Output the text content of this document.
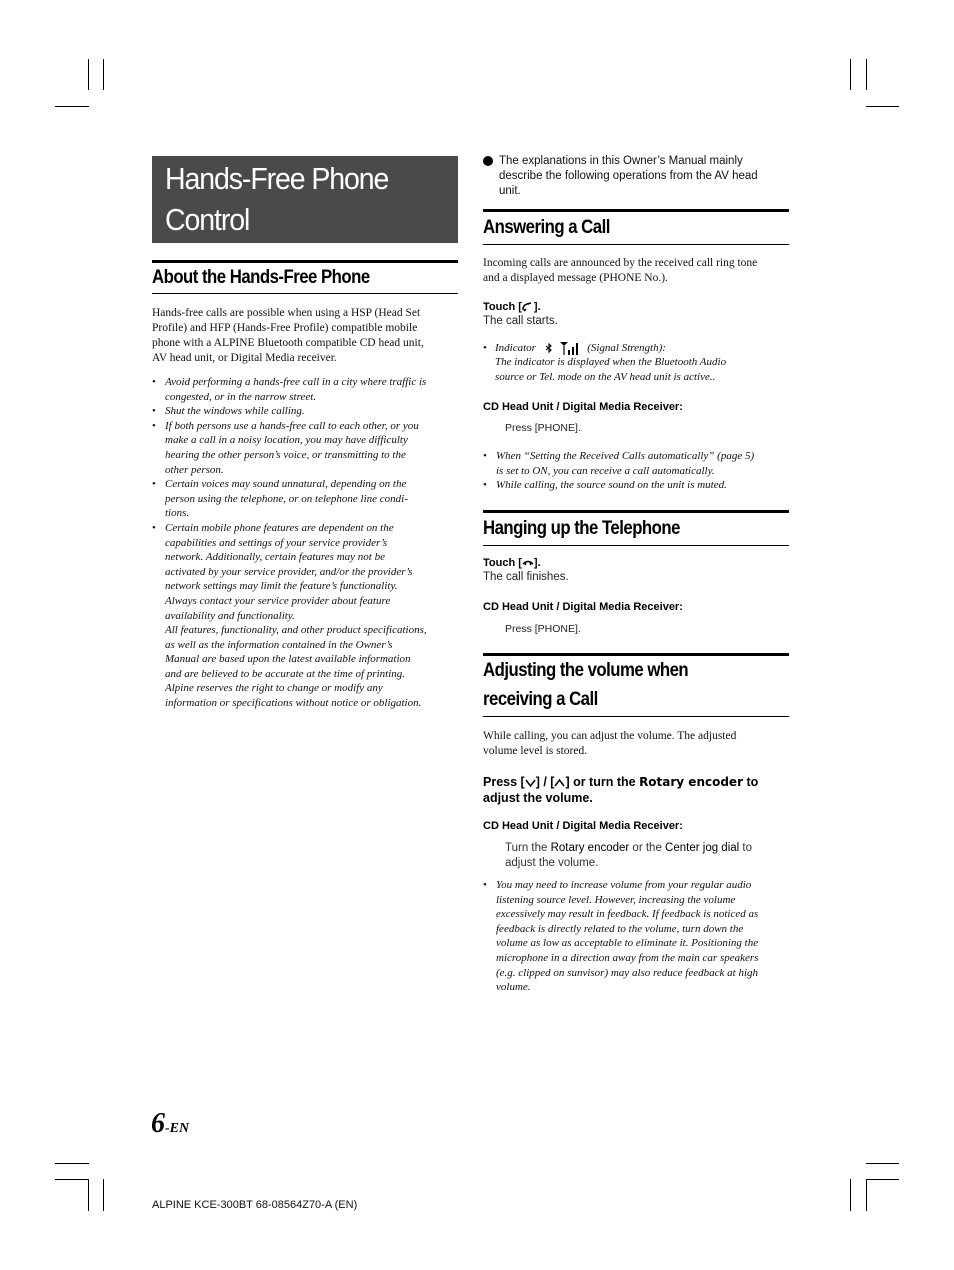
Hands-Free Phone
Control
About the Hands-Free Phone
Hands-free calls are possible when using a HSP (Head Set
Profile) and HFP (Hands-Free Profile) compatible mobile
phone with a ALPINE Bluetooth compatible CD head unit,
AV head unit, or Digital Media receiver.
• Avoid performing a hands-free call in a city where traffic is
congested, or in the narrow street.
• Shut the windows while calling.
• If both persons use a hands-free call to each other, or you
make a call in a noisy location, you may have difficulty
hearing the other person’s voice, or transmitting to the
other person.
• Certain voices may sound unnatural, depending on the
person using the telephone, or on telephone line condi-
tions.
• Certain mobile phone features are dependent on the
capabilities and settings of your service provider’s
network. Additionally, certain features may not be
activated by your service provider, and/or the provider’s
network settings may limit the feature’s functionality.
Always contact your service provider about feature
availability and functionality.
All features, functionality, and other product specifications,
as well as the information contained in the Owner’s
Manual are based upon the latest available information
and are believed to be accurate at the time of printing.
Alpine reserves the right to change or modify any
information or specifications without notice or obligation.
The explanations in this Owner’s Manual mainly
describe the following operations from the AV head
unit.
Answering a Call
Incoming calls are announced by the received call ring tone
and a displayed message (PHONE No.).
Touch [ ].
The call starts.
• Indicator	(Signal Strength):
The indicator is displayed when the Bluetooth Audio
source or Tel. mode on the AV head unit is active..
CD Head Unit / Digital Media Receiver:
Press [PHONE].
• When “Setting the Received Calls automatically” (page 5)
is set to ON, you can receive a call automatically.
• While calling, the source sound on the unit is muted.
Hanging up the Telephone
Touch [ ].
The call finishes.
CD Head Unit / Digital Media Receiver:
Press [PHONE].
Adjusting the volume when
receiving a Call
While calling, you can adjust the volume. The adjusted
volume level is stored.
Press [ ] / [ ] or turn the Rotary encoder to
adjust the volume.
CD Head Unit / Digital Media Receiver:
Turn the Rotary encoder or the Center jog dial to
adjust the volume.
• You may need to increase volume from your regular audio
listening source level. However, increasing the volume
excessively may result in feedback. If feedback is noticed as
feedback is directly related to the volume, turn down the
volume as low as acceptable to eliminate it. Positioning the
microphone in a direction away from the main car speakers
(e.g. clipped on sunvisor) may also reduce feedback at high
volume.
6-EN
ALPINE KCE-300BT 68-08564Z70-A (EN)
